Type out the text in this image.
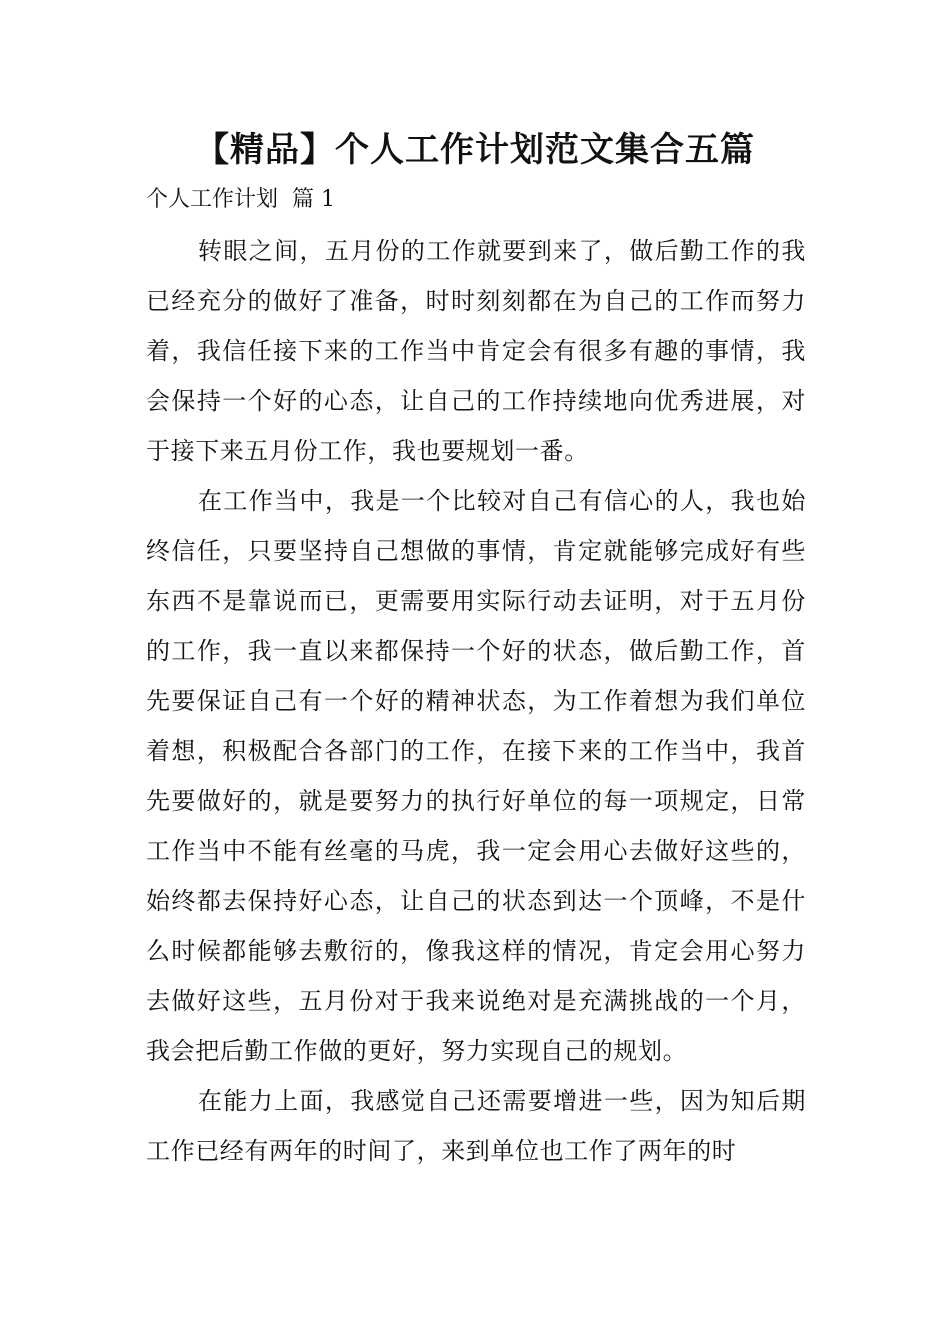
【精品】个人工作计划范文集合五篇
个人工作计划  篇 1

转眼之间，五月份的工作就要到来了，做后勤工作的我已经充分的做好了准备，时时刻刻都在为自己的工作而努力着，我信任接下来的工作当中肯定会有很多有趣的事情，我会保持一个好的心态，让自己的工作持续地向优秀进展，对于接下来五月份工作，我也要规划一番。

在工作当中，我是一个比较对自己有信心的人，我也始终信任，只要坚持自己想做的事情，肯定就能够完成好有些东西不是靠说而已，更需要用实际行动去证明，对于五月份的工作，我一直以来都保持一个好的状态，做后勤工作，首先要保证自己有一个好的精神状态，为工作着想为我们单位着想，积极配合各部门的工作，在接下来的工作当中，我首先要做好的，就是要努力的执行好单位的每一项规定，日常工作当中不能有丝毫的马虎，我一定会用心去做好这些的，始终都去保持好心态，让自己的状态到达一个顶峰，不是什么时候都能够去敷衍的，像我这样的情况，肯定会用心努力去做好这些，五月份对于我来说绝对是充满挑战的一个月，我会把后勤工作做的更好，努力实现自己的规划。

在能力上面，我感觉自己还需要增进一些，因为知后期工作已经有两年的时间了，来到单位也工作了两年的时
